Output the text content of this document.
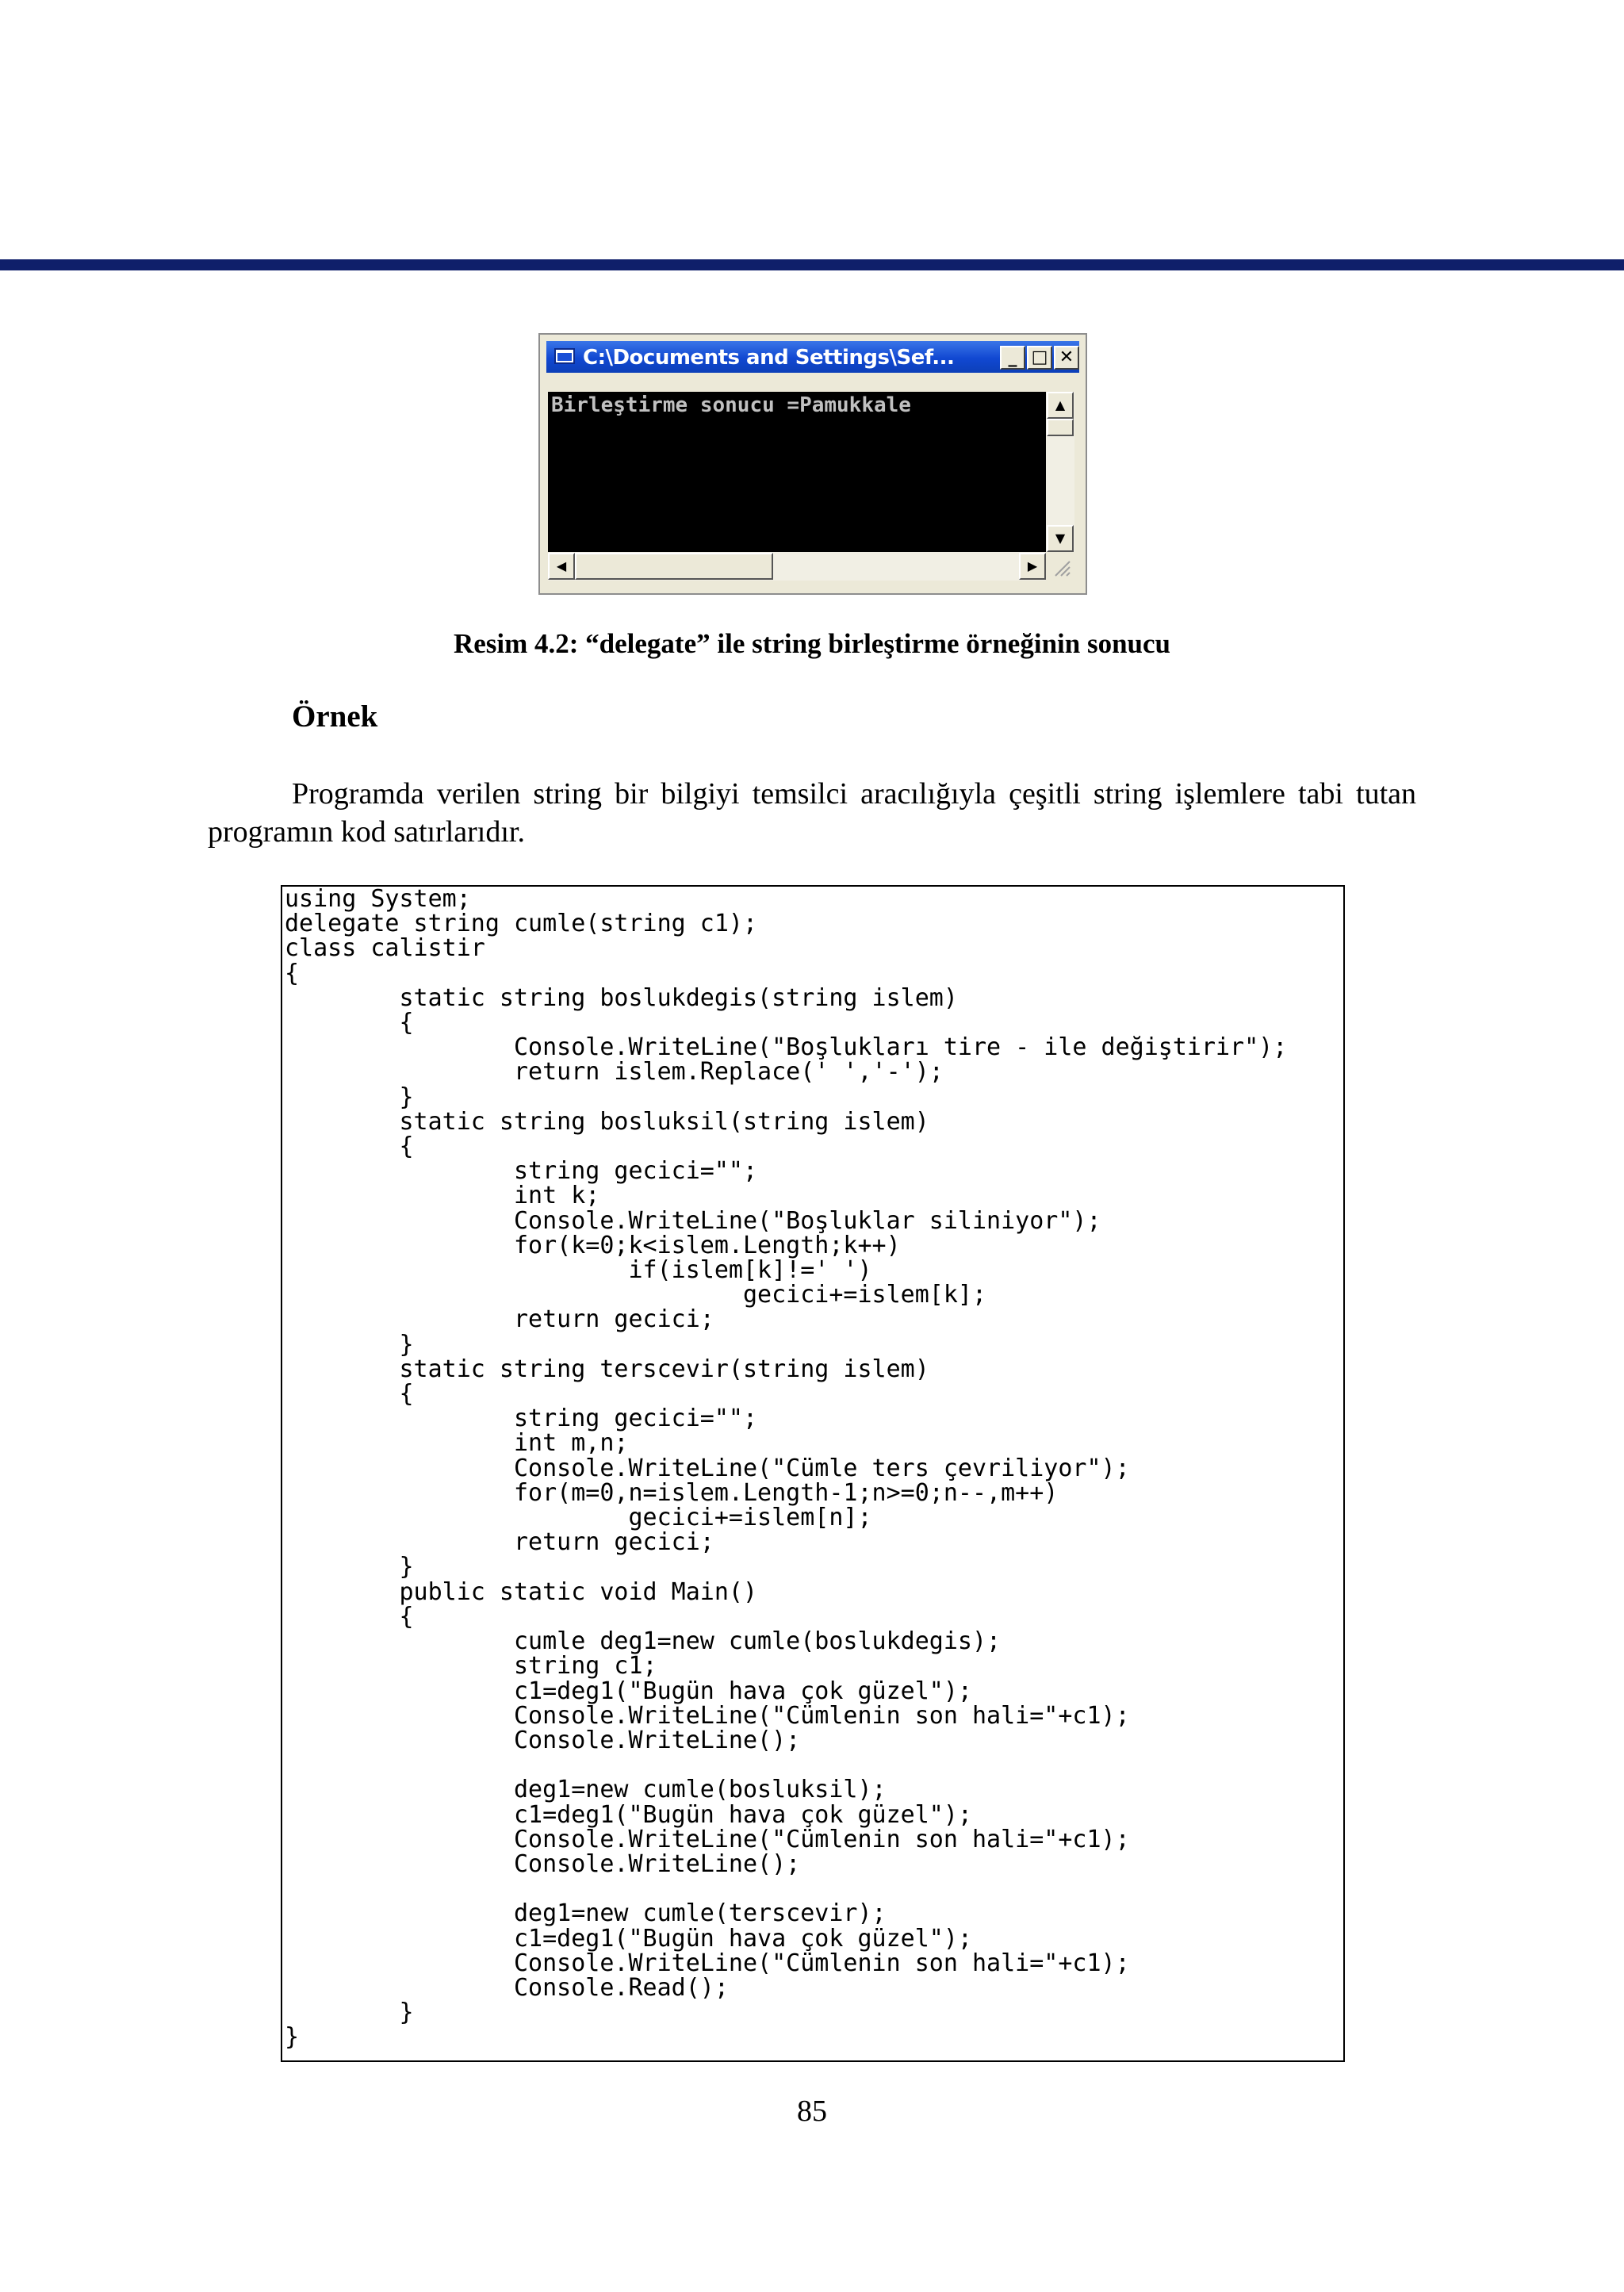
C:\Documents and Settings\Sef...	_ □ ✕
Birleştirme sonucu =Pamukkale	▲
▼
◀	▶
Resim 4.2: “delegate” ile string birleştirme örneğinin sonucu
Örnek
Programda verilen string bir bilgiyi temsilci aracılığıyla çeşitli string işlemlere tabi tutan programın kod satırlarıdır.
using System;
delegate string cumle(string c1);
class calistir
{
static string boslukdegis(string islem)
{
Console.WriteLine("Boşlukları tire - ile değiştirir");
return islem.Replace(' ','-');
}
static string bosluksil(string islem)
{
string gecici="";
int k;
Console.WriteLine("Boşluklar siliniyor");
for(k=0;k<islem.Length;k++)
if(islem[k]!=' ')
gecici+=islem[k];
return gecici;
}
static string terscevir(string islem)
{
string gecici="";
int m,n;
Console.WriteLine("Cümle ters çevriliyor");
for(m=0,n=islem.Length-1;n>=0;n--,m++)
gecici+=islem[n];
return gecici;
}
public static void Main()
{
cumle deg1=new cumle(boslukdegis);
string c1;
c1=deg1("Bugün hava çok güzel");
Console.WriteLine("Cümlenin son hali="+c1);
Console.WriteLine();

deg1=new cumle(bosluksil);
c1=deg1("Bugün hava çok güzel");
Console.WriteLine("Cümlenin son hali="+c1);
Console.WriteLine();

deg1=new cumle(terscevir);
c1=deg1("Bugün hava çok güzel");
Console.WriteLine("Cümlenin son hali="+c1);
Console.Read();
}
}
85
